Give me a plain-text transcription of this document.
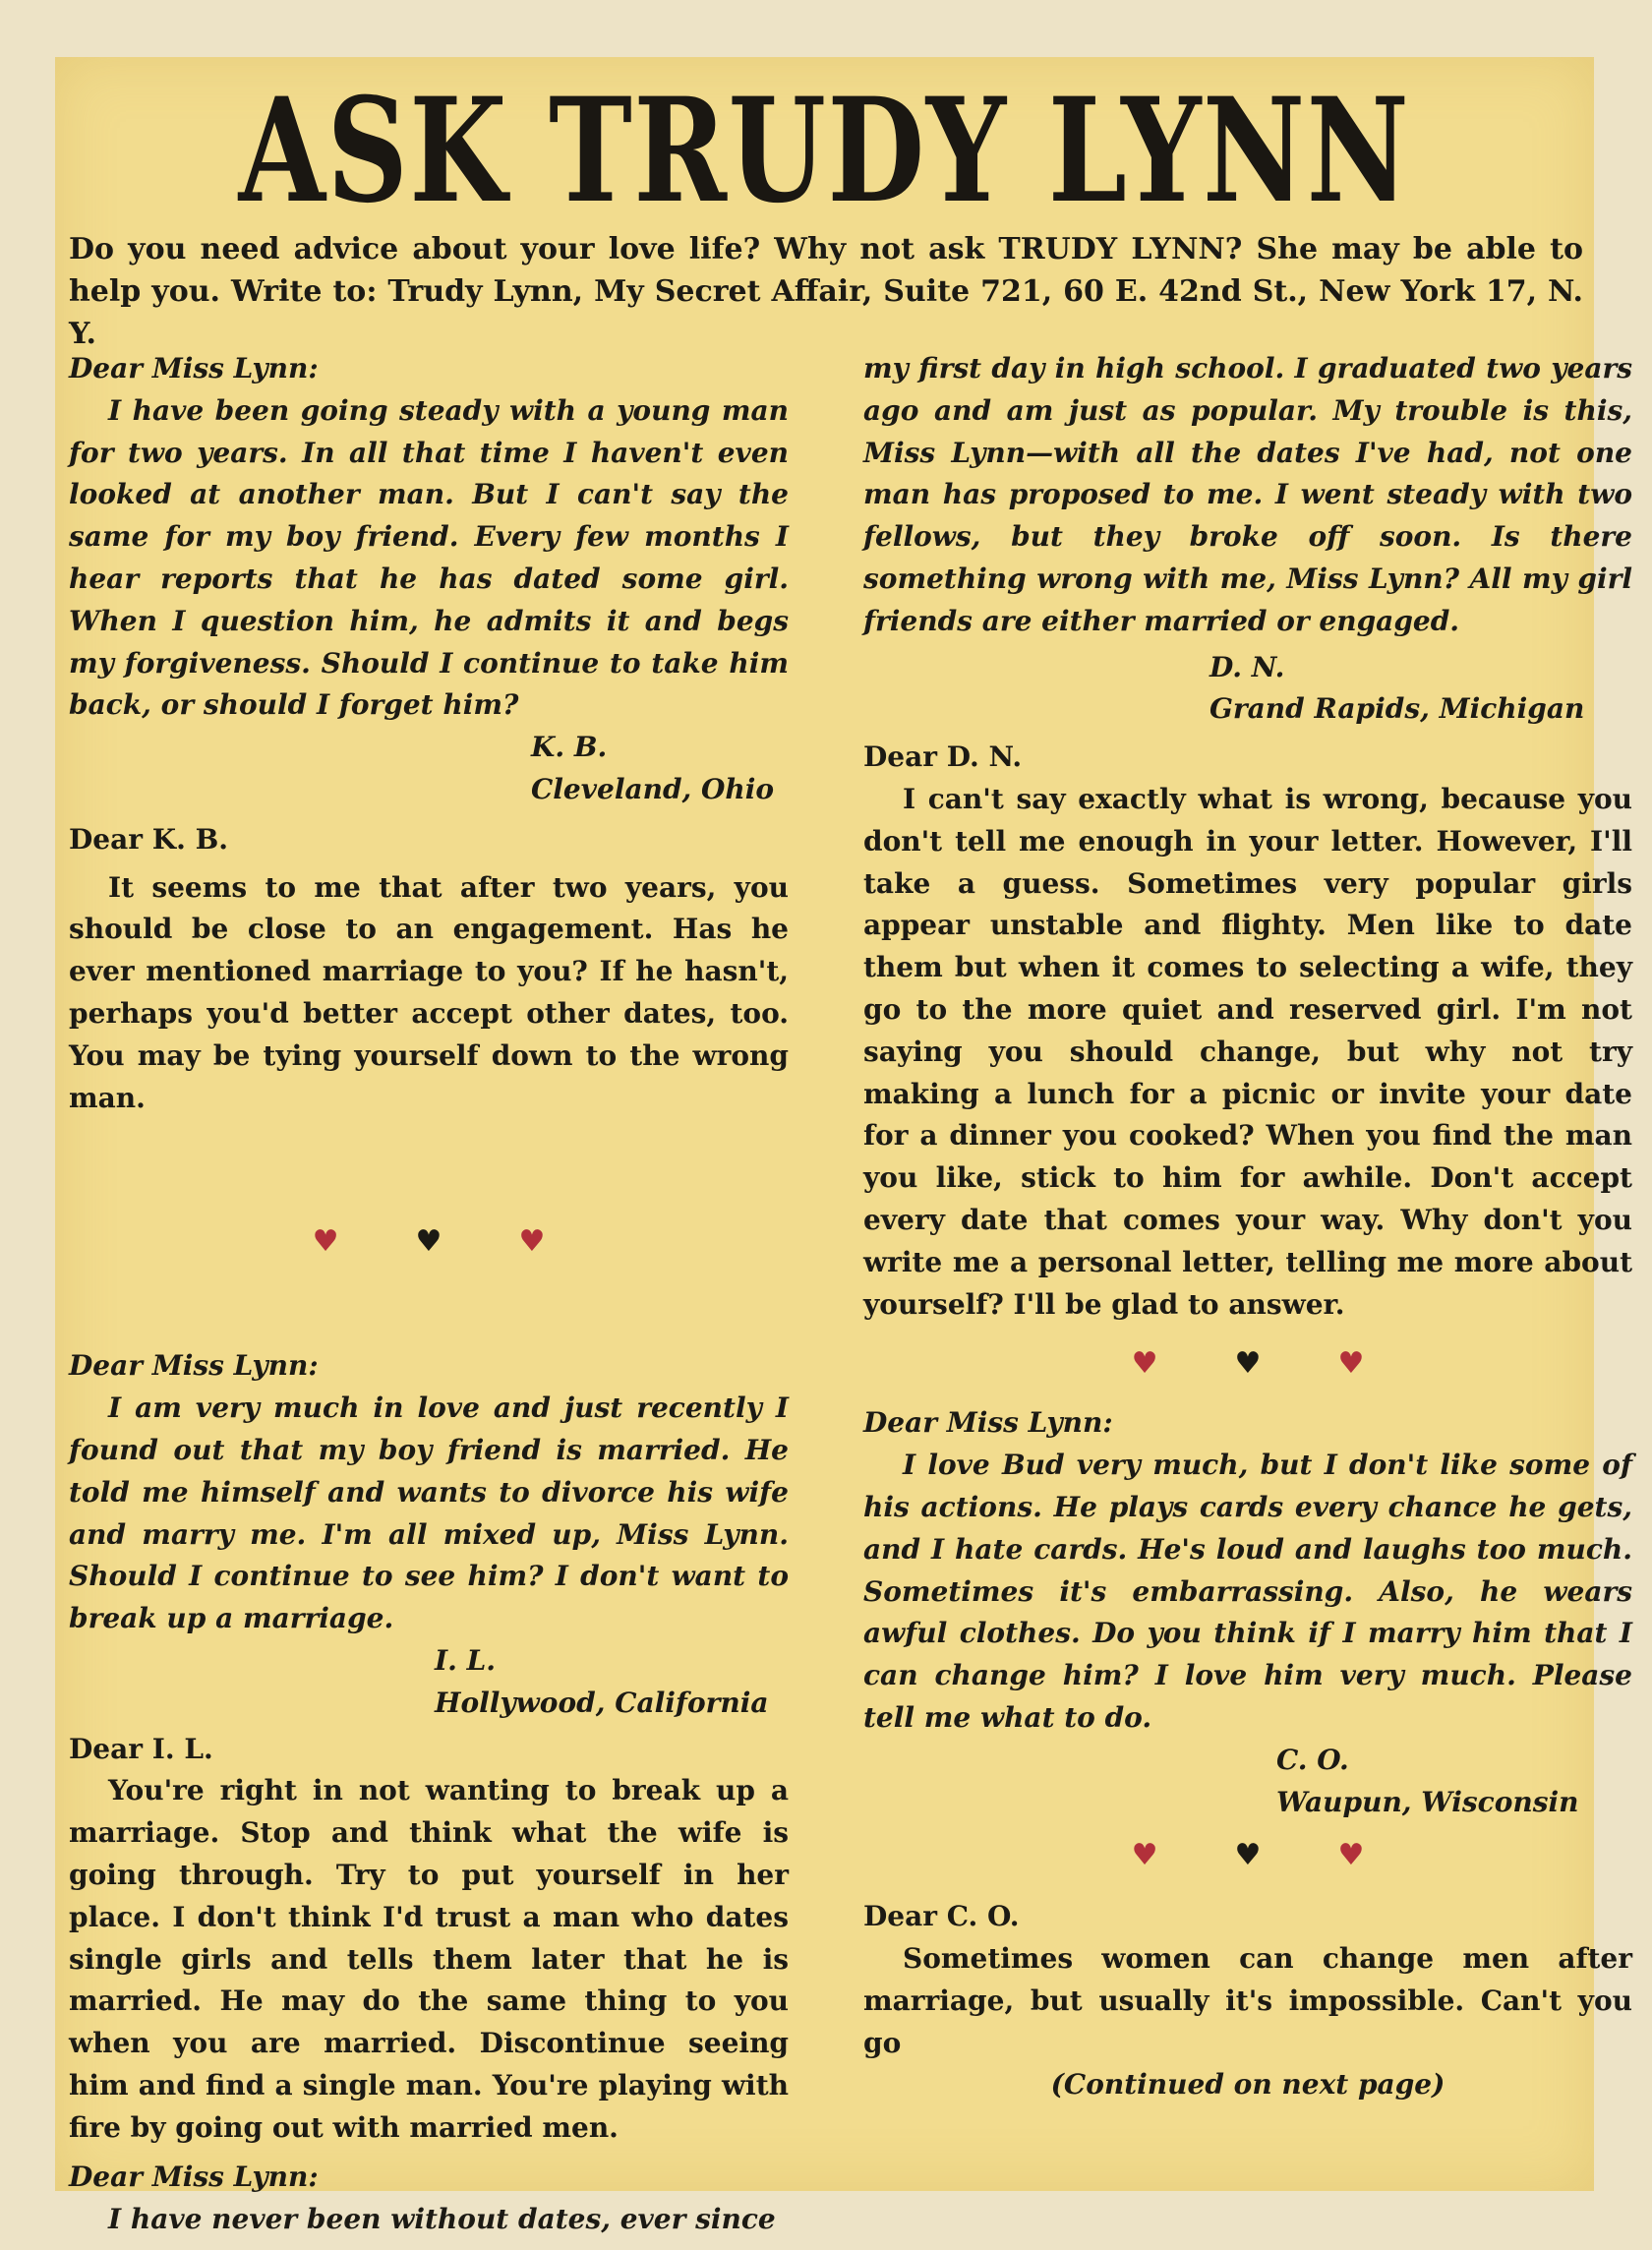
ASK TRUDY LYNN
Do you need advice about your love life? Why not ask TRUDY LYNN? She may be able to help you. Write to: Trudy Lynn, My Secret Affair, Suite 721, 60 E. 42nd St., New York 17, N. Y.

Dear Miss Lynn:

I have been going steady with a young man for two years. In all that time I haven't even looked at another man. But I can't say the same for my boy friend. Every few months I hear reports that he has dated some girl. When I question him, he admits it and begs my forgiveness. Should I continue to take him back, or should I forget him?

K. B.
Cleveland, Ohio

Dear K. B.

It seems to me that after two years, you should be close to an engagement. Has he ever mentioned marriage to you? If he hasn't, perhaps you'd better accept other dates, too. You may be tying yourself down to the wrong man.

♥	♥	♥

Dear Miss Lynn:

I am very much in love and just recently I found out that my boy friend is married. He told me himself and wants to divorce his wife and marry me. I'm all mixed up, Miss Lynn. Should I continue to see him? I don't want to break up a marriage.

I. L.
Hollywood, California

Dear I. L.

You're right in not wanting to break up a marriage. Stop and think what the wife is going through. Try to put yourself in her place. I don't think I'd trust a man who dates single girls and tells them later that he is married. He may do the same thing to you when you are married. Discontinue seeing him and find a single man. You're playing with fire by going out with married men.

Dear Miss Lynn:

I have never been without dates, ever since

my first day in high school. I graduated two years ago and am just as popular. My trouble is this, Miss Lynn—with all the dates I've had, not one man has proposed to me. I went steady with two fellows, but they broke off soon. Is there something wrong with me, Miss Lynn? All my girl friends are either married or engaged.

D. N.
Grand Rapids, Michigan

Dear D. N.

I can't say exactly what is wrong, because you don't tell me enough in your letter. However, I'll take a guess. Sometimes very popular girls appear unstable and flighty. Men like to date them but when it comes to selecting a wife, they go to the more quiet and reserved girl. I'm not saying you should change, but why not try making a lunch for a picnic or invite your date for a dinner you cooked? When you find the man you like, stick to him for awhile. Don't accept every date that comes your way. Why don't you write me a personal letter, telling me more about yourself? I'll be glad to answer.

♥	♥	♥

Dear Miss Lynn:

I love Bud very much, but I don't like some of his actions. He plays cards every chance he gets, and I hate cards. He's loud and laughs too much. Sometimes it's embarrassing. Also, he wears awful clothes. Do you think if I marry him that I can change him? I love him very much. Please tell me what to do.

C. O.
Waupun, Wisconsin
♥	♥	♥

Dear C. O.

Sometimes women can change men after marriage, but usually it's impossible. Can't you go

(Continued on next page)
